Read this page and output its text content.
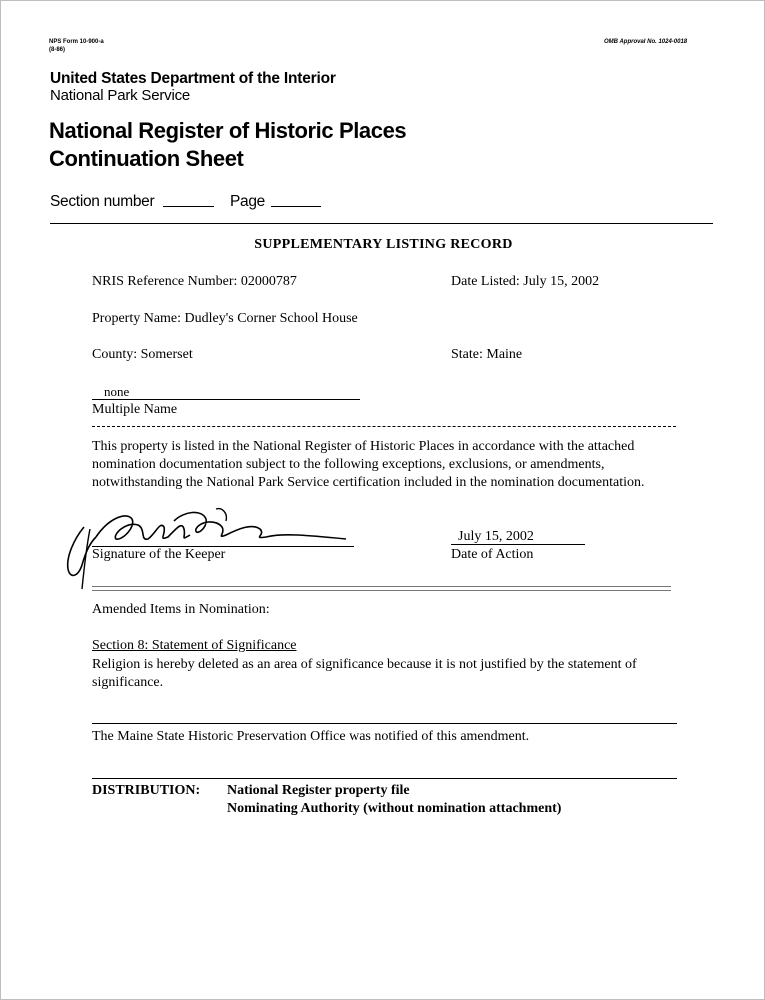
NPS Form 10-900-a
(8-86)
OMB Approval No. 1024-0018
United States Department of the Interior
National Park Service
National Register of Historic Places
Continuation Sheet
Section number	Page
SUPPLEMENTARY LISTING RECORD
NRIS Reference Number: 02000787	Date Listed: July 15, 2002
Property Name: Dudley's Corner School House
County: Somerset	State: Maine
none
Multiple Name
This property is listed in the National Register of Historic Places in accordance with the attached nomination documentation subject to the following exceptions, exclusions, or amendments, notwithstanding the National Park Service certification included in the nomination documentation.
Signature of the Keeper
July 15, 2002
Date of Action
Amended Items in Nomination:
Section 8: Statement of Significance
Religion is hereby deleted as an area of significance because it is not justified by the statement of significance.
The Maine State Historic Preservation Office was notified of this amendment.
DISTRIBUTION: National Register property file
Nominating Authority (without nomination attachment)
